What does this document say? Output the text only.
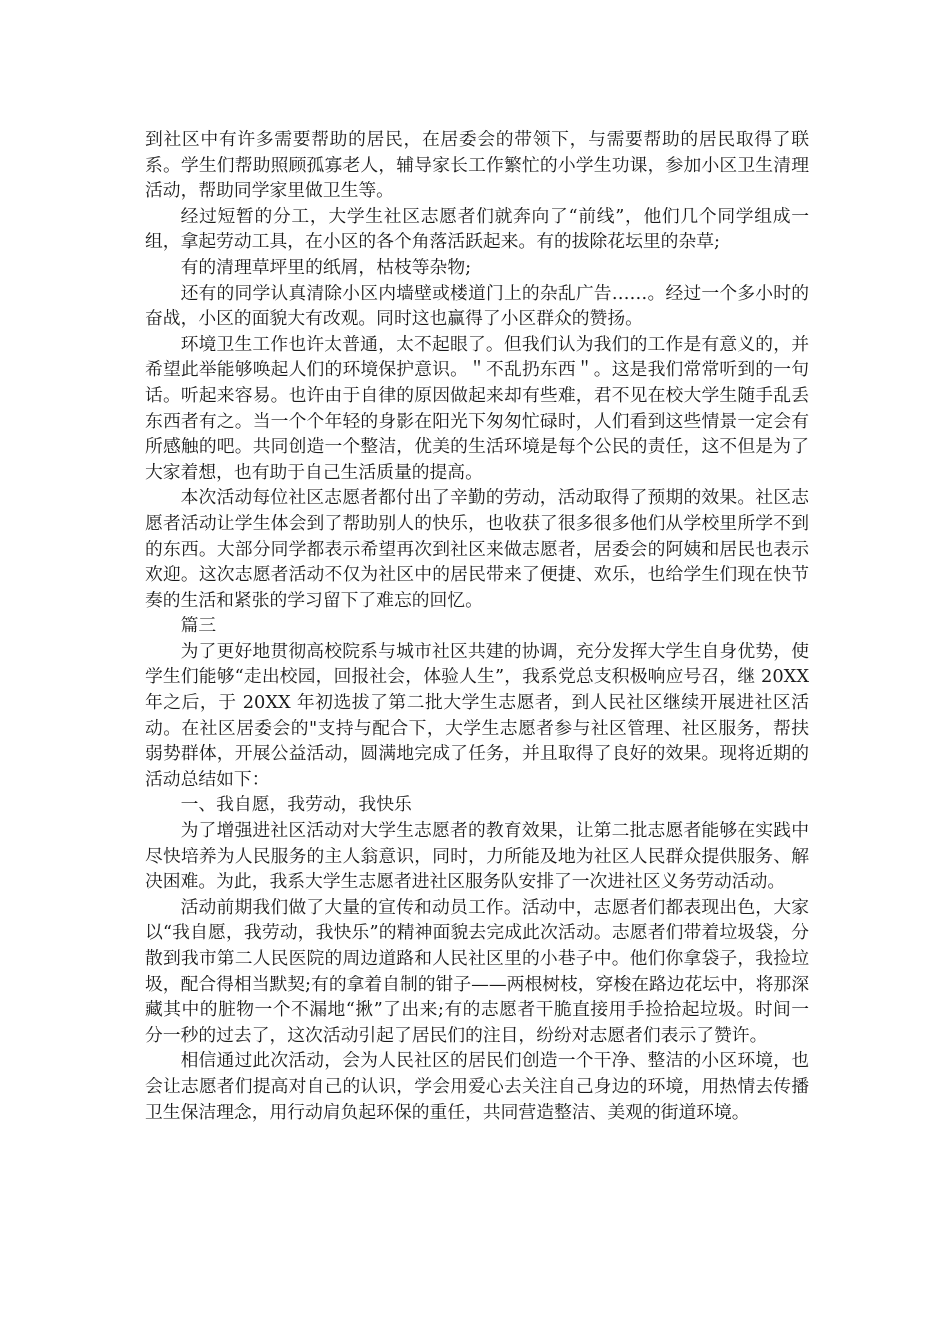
到社区中有许多需要帮助的居民，在居委会的带领下，与需要帮助的居民取得了联系。学生们帮助照顾孤寡老人，辅导家长工作繁忙的小学生功课，参加小区卫生清理活动，帮助同学家里做卫生等。

经过短暂的分工，大学生社区志愿者们就奔向了“前线”，他们几个同学组成一组，拿起劳动工具，在小区的各个角落活跃起来。有的拔除花坛里的杂草;

有的清理草坪里的纸屑，枯枝等杂物;

还有的同学认真清除小区内墙壁或楼道门上的杂乱广告……。经过一个多小时的奋战，小区的面貌大有改观。同时这也赢得了小区群众的赞扬。

环境卫生工作也许太普通，太不起眼了。但我们认为我们的工作是有意义的，并希望此举能够唤起人们的环境保护意识。＂不乱扔东西＂。这是我们常常听到的一句话。听起来容易。也许由于自律的原因做起来却有些难，君不见在校大学生随手乱丢东西者有之。当一个个年轻的身影在阳光下匆匆忙碌时，人们看到这些情景一定会有所感触的吧。共同创造一个整洁，优美的生活环境是每个公民的责任，这不但是为了大家着想，也有助于自己生活质量的提高。

本次活动每位社区志愿者都付出了辛勤的劳动，活动取得了预期的效果。社区志愿者活动让学生体会到了帮助别人的快乐，也收获了很多很多他们从学校里所学不到的东西。大部分同学都表示希望再次到社区来做志愿者，居委会的阿姨和居民也表示欢迎。这次志愿者活动不仅为社区中的居民带来了便捷、欢乐，也给学生们现在快节奏的生活和紧张的学习留下了难忘的回忆。

篇三

为了更好地贯彻高校院系与城市社区共建的协调，充分发挥大学生自身优势，使学生们能够“走出校园，回报社会，体验人生”，我系党总支积极响应号召，继 20XX 年之后，于 20XX 年初选拔了第二批大学生志愿者，到人民社区继续开展进社区活动。在社区居委会的"支持与配合下，大学生志愿者参与社区管理、社区服务，帮扶弱势群体，开展公益活动，圆满地完成了任务，并且取得了良好的效果。现将近期的活动总结如下：

一、我自愿，我劳动，我快乐

为了增强进社区活动对大学生志愿者的教育效果，让第二批志愿者能够在实践中尽快培养为人民服务的主人翁意识，同时，力所能及地为社区人民群众提供服务、解决困难。为此，我系大学生志愿者进社区服务队安排了一次进社区义务劳动活动。

活动前期我们做了大量的宣传和动员工作。活动中，志愿者们都表现出色，大家以“我自愿，我劳动，我快乐”的精神面貌去完成此次活动。志愿者们带着垃圾袋，分散到我市第二人民医院的周边道路和人民社区里的小巷子中。他们你拿袋子，我捡垃圾，配合得相当默契;有的拿着自制的钳子——两根树枝，穿梭在路边花坛中，将那深藏其中的脏物一个不漏地“揪”了出来;有的志愿者干脆直接用手捡拾起垃圾。时间一分一秒的过去了，这次活动引起了居民们的注目，纷纷对志愿者们表示了赞许。

相信通过此次活动，会为人民社区的居民们创造一个干净、整洁的小区环境，也会让志愿者们提高对自己的认识，学会用爱心去关注自己身边的环境，用热情去传播卫生保洁理念，用行动肩负起环保的重任，共同营造整洁、美观的街道环境。
